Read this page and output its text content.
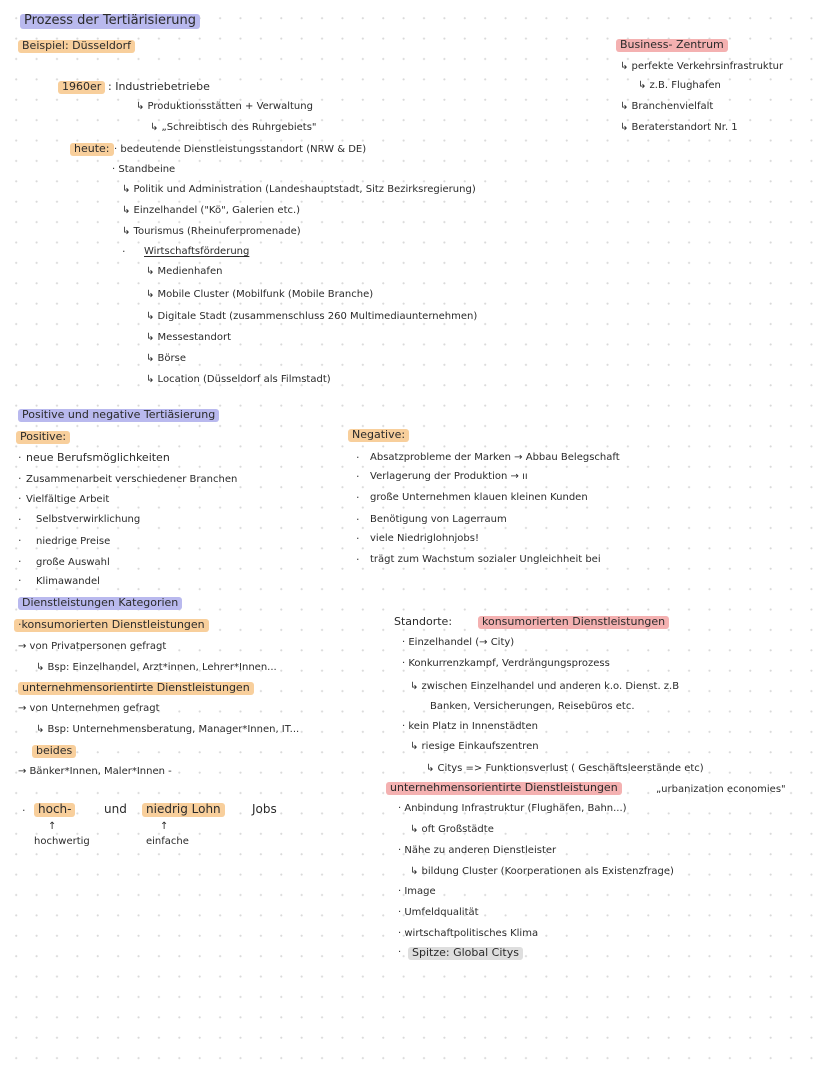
Prozess der Tertiärisierung
Beispiel: Düsseldorf	Business- Zentrum
↳ perfekte Verkehrsinfrastruktur
↳ z.B. Flughafen
↳ Branchenvielfalt
↳ Beraterstandort Nr. 1
1960er : Industriebetriebe
↳ Produktionsstätten + Verwaltung
↳ „Schreibtisch des Ruhrgebiets"
heute: · bedeutende Dienstleistungsstandort (NRW & DE)
· Standbeine
↳ Politik und Administration (Landeshauptstadt, Sitz Bezirksregierung)
↳ Einzelhandel ("Kö", Galerien etc.)
↳ Tourismus (Rheinuferpromenade)
· Wirtschaftsförderung
↳ Medienhafen
↳ Mobile Cluster (Mobilfunk (Mobile Branche)
↳ Digitale Stadt (zusammenschluss 260 Multimediaunternehmen)
↳ Messestandort
↳ Börse
↳ Location (Düsseldorf als Filmstadt)
Positive und negative Tertiäsierung
Positive:
· neue Berufsmöglichkeiten
· Zusammenarbeit verschiedener Branchen
· Vielfältige Arbeit
· Selbstverwirklichung
· niedrige Preise
· große Auswahl
· Klimawandel
Negative:
· Absatzprobleme der Marken → Abbau Belegschaft
· Verlagerung der Produktion → ıı
· große Unternehmen klauen kleinen Kunden
· Benötigung von Lagerraum
· viele Niedriglohnjobs!
· trägt zum Wachstum sozialer Ungleichheit bei
Dienstleistungen Kategorien
·konsumorierten Dienstleistungen
→ von Privatpersonen gefragt
↳ Bsp: Einzelhandel, Arzt*innen, Lehrer*Innen...
unternehmensorientirte Dienstleistungen
→ von Unternehmen gefragt
↳ Bsp: Unternehmensberatung, Manager*Innen, IT...
beides
→ Bänker*Innen, Maler*Innen -
·	hoch-	und	niedrig Lohn	Jobs
↑	↑
hochwertig	einfache
Standorte:	konsumorierten Dienstleistungen
· Einzelhandel (→ City)
· Konkurrenzkampf, Verdrängungsprozess
↳ zwischen Einzelhandel und anderen k.o. Dienst. z.B
Banken, Versicherungen, Reisebüros etc.
· kein Platz in Innenstädten
↳ riesige Einkaufszentren
↳ Citys => Funktionsverlust ( Geschäftsleerstände etc)
unternehmensorientirte Dienstleistungen	„urbanization economies"
· Anbindung Infrastruktur (Flughäfen, Bahn...)
↳ oft Großstädte
· Nähe zu anderen Dienstleister
↳ bildung Cluster (Koorperationen als Existenzfrage)
· Image
· Umfeldqualität
· wirtschaftpolitisches Klima
· Spitze: Global Citys
